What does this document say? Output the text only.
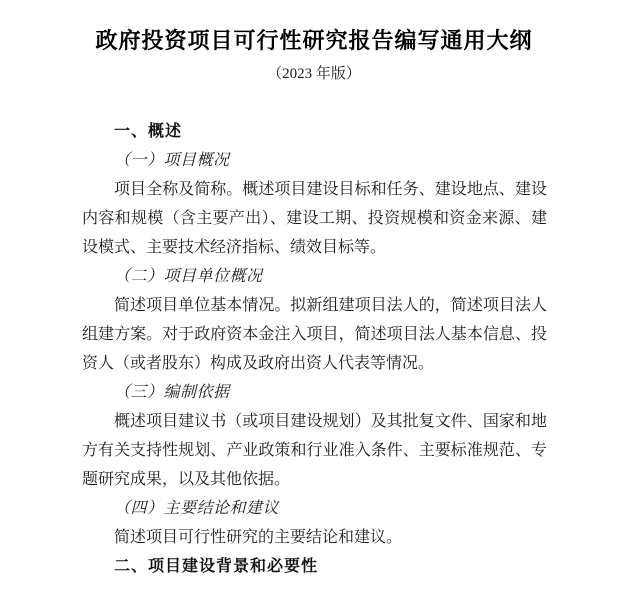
政府投资项目可行性研究报告编写通用大纲
（2023 年版）
一、概述
（一）项目概况
项目全称及简称。概述项目建设目标和任务、建设地点、建设内容和规模（含主要产出）、建设工期、投资规模和资金来源、建设模式、主要技术经济指标、绩效目标等。
（二）项目单位概况
简述项目单位基本情况。拟新组建项目法人的，简述项目法人组建方案。对于政府资本金注入项目，简述项目法人基本信息、投资人（或者股东）构成及政府出资人代表等情况。
（三）编制依据
概述项目建议书（或项目建设规划）及其批复文件、国家和地方有关支持性规划、产业政策和行业准入条件、主要标准规范、专题研究成果，以及其他依据。
（四）主要结论和建议
简述项目可行性研究的主要结论和建议。
二、项目建设背景和必要性
